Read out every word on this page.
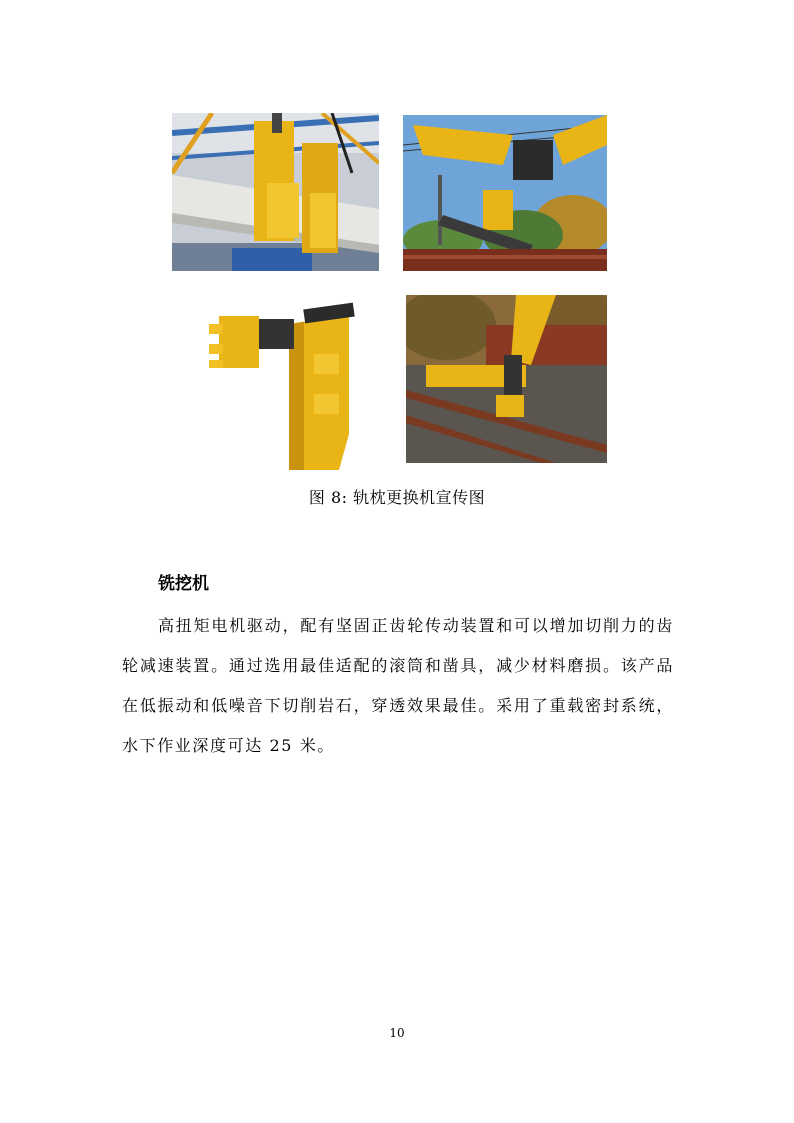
图 8: 轨枕更换机宣传图
铣挖机
高扭矩电机驱动，配有坚固正齿轮传动装置和可以增加切削力的齿轮减速装置。通过选用最佳适配的滚筒和凿具，减少材料磨损。该产品在低振动和低噪音下切削岩石，穿透效果最佳。采用了重载密封系统，水下作业深度可达 25 米。
10
